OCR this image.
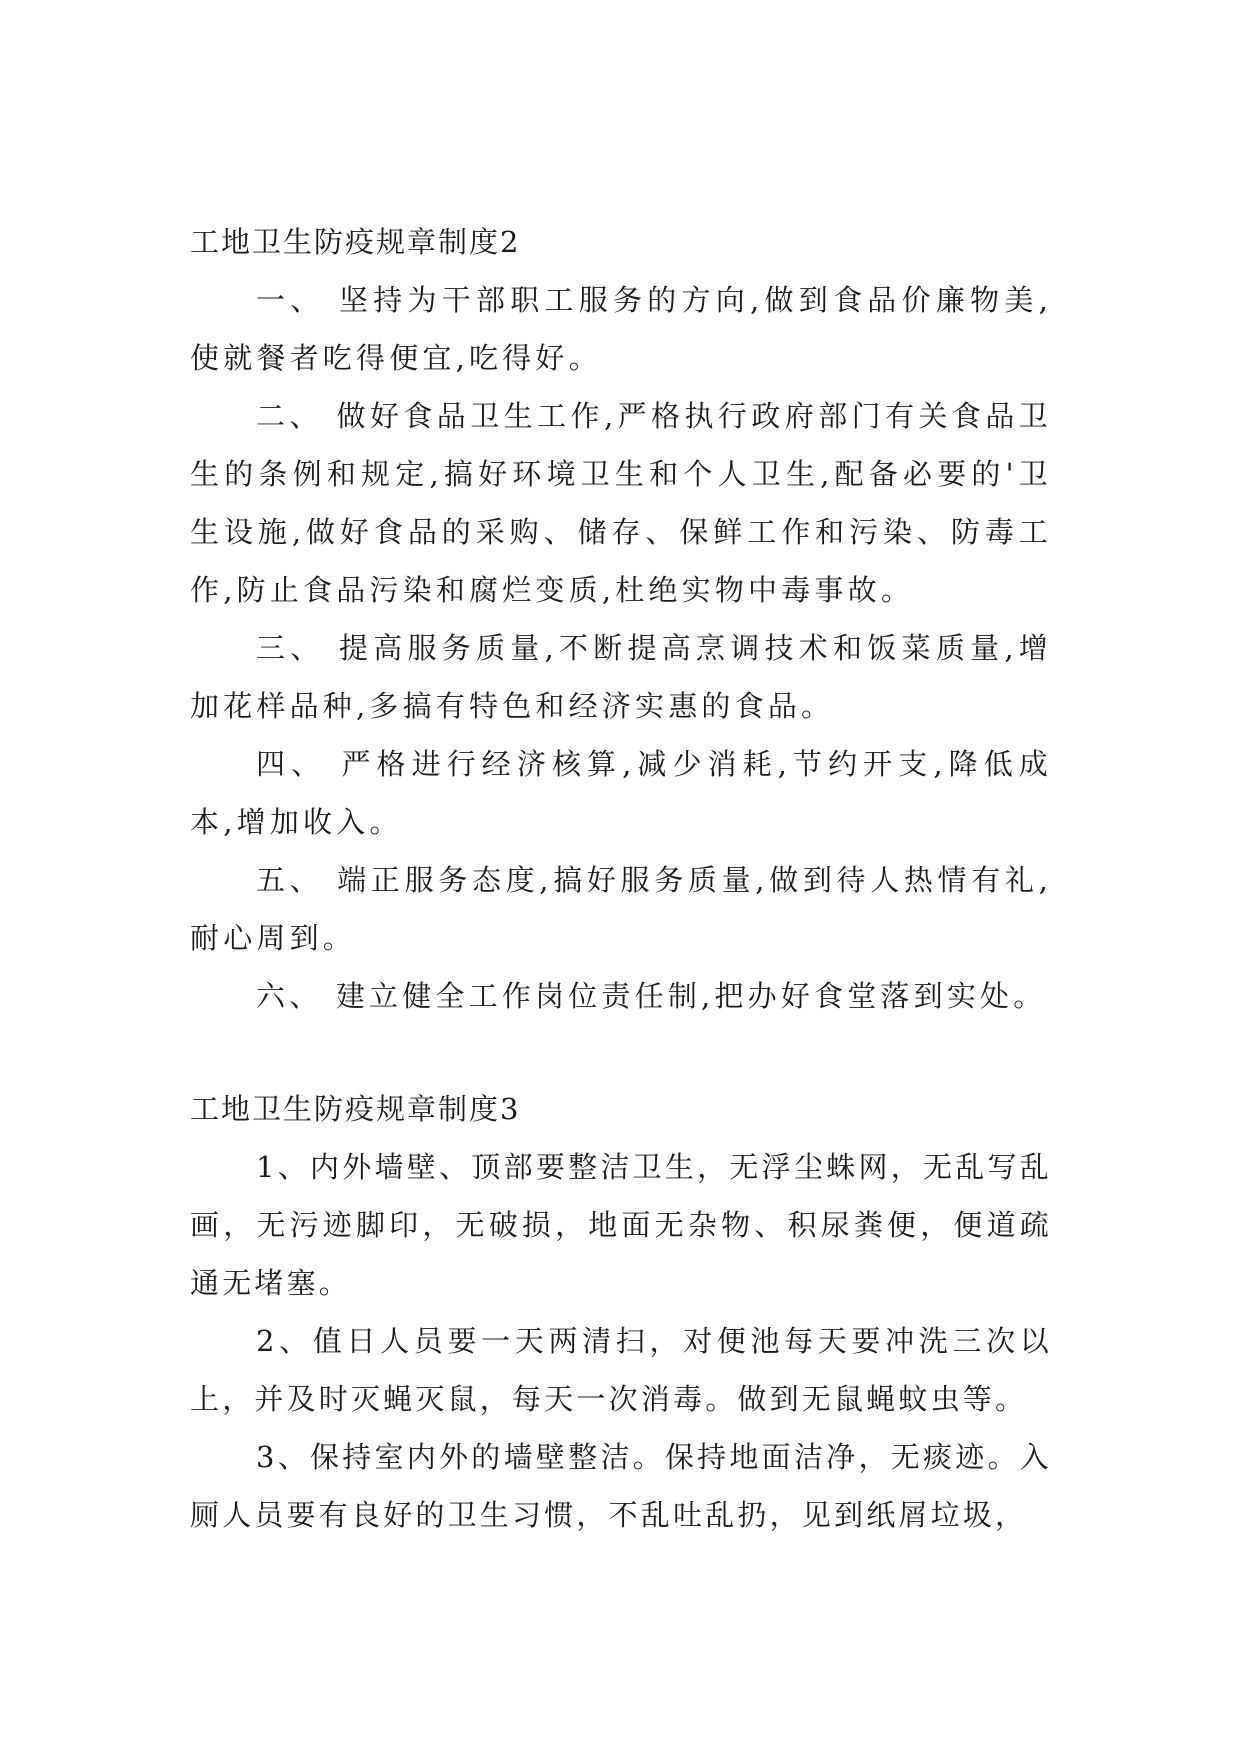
工地卫生防疫规章制度2

一、 坚持为干部职工服务的方向,做到食品价廉物美,使就餐者吃得便宜,吃得好。

二、 做好食品卫生工作,严格执行政府部门有关食品卫生的条例和规定,搞好环境卫生和个人卫生,配备必要的'卫生设施,做好食品的采购、储存、保鲜工作和污染、防毒工作,防止食品污染和腐烂变质,杜绝实物中毒事故。

三、 提高服务质量,不断提高烹调技术和饭菜质量,增加花样品种,多搞有特色和经济实惠的食品。

四、 严格进行经济核算,减少消耗,节约开支,降低成本,增加收入。

五、 端正服务态度,搞好服务质量,做到待人热情有礼,耐心周到。

六、 建立健全工作岗位责任制,把办好食堂落到实处。

工地卫生防疫规章制度3

1、内外墙壁、顶部要整洁卫生，无浮尘蛛网，无乱写乱画，无污迹脚印，无破损，地面无杂物、积尿粪便，便道疏通无堵塞。

2、值日人员要一天两清扫，对便池每天要冲洗三次以上，并及时灭蝇灭鼠，每天一次消毒。做到无鼠蝇蚊虫等。

3、保持室内外的墙壁整洁。保持地面洁净，无痰迹。入厕人员要有良好的卫生习惯，不乱吐乱扔，见到纸屑垃圾，
